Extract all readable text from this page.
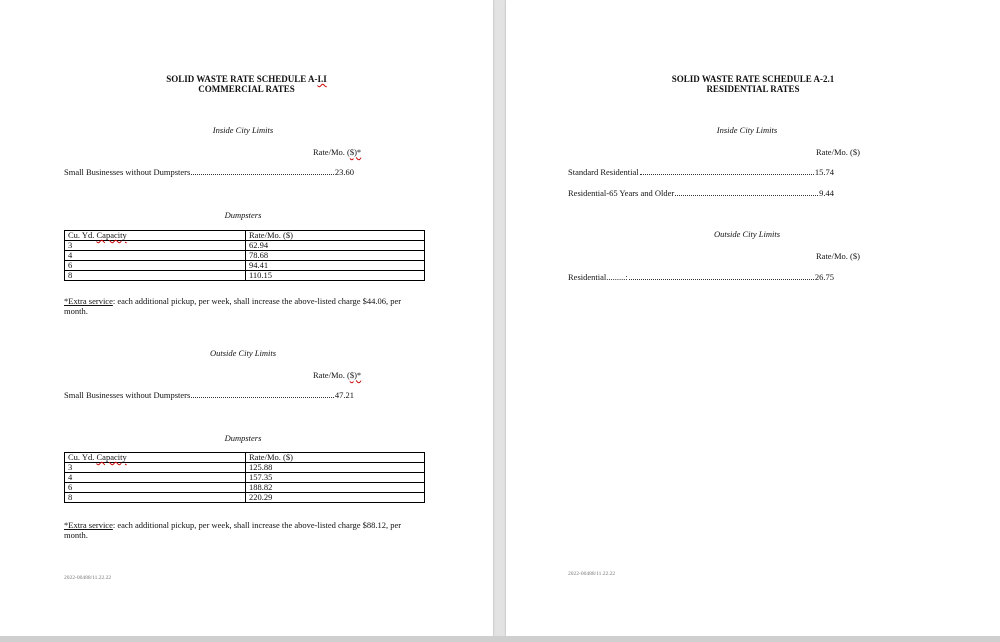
SOLID WASTE RATE SCHEDULE A-I.I
COMMERCIAL RATES
Inside City Limits
Rate/Mo. ($)*
Small Businesses without Dumpsters	23.60
Dumpsters
Cu. Yd. Capacity	Rate/Mo. ($)
3	62.94
4	78.68
6	94.41
8	110.15
*Extra service: each additional pickup, per week, shall increase the above-listed charge $44.06, per month.
Outside City Limits
Rate/Mo. ($)*
Small Businesses without Dumpsters	47.21
Dumpsters
Cu. Yd. Capacity	Rate/Mo. ($)
3	125.88
4	157.35
6	188.82
8	220.29
*Extra service: each additional pickup, per week, shall increase the above-listed charge $88.12, per month.
2022-00488/11.22.22
SOLID WASTE RATE SCHEDULE A-2.1
RESIDENTIAL RATES
Inside City Limits
Rate/Mo. ($)
Standard Residential	15.74
Residential-65 Years and Older	9.44
Outside City Limits
Rate/Mo. ($)
Residential.........:	26.75
2022-00488/11.22.22
